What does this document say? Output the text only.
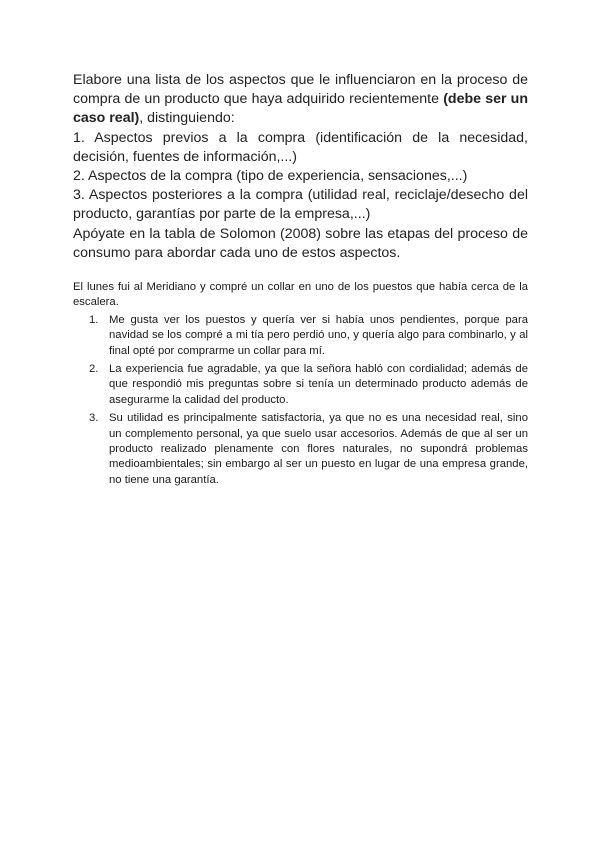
Elabore una lista de los aspectos que le influenciaron en la proceso de compra de un producto que haya adquirido recientemente (debe ser un caso real), distinguiendo:

1. Aspectos previos a la compra (identificación de la necesidad, decisión, fuentes de información,...)

2. Aspectos de la compra (tipo de experiencia, sensaciones,...)

3. Aspectos posteriores a la compra (utilidad real, reciclaje/desecho del producto, garantías por parte de la empresa,...)

Apóyate en la tabla de Solomon (2008) sobre las etapas del proceso de consumo para abordar cada uno de estos aspectos.

El lunes fui al Meridiano y compré un collar en uno de los puestos que había cerca de la escalera.

1. Me gusta ver los puestos y quería ver si había unos pendientes, porque para navidad se los compré a mi tía pero perdió uno, y quería algo para combinarlo, y al final opté por comprarme un collar para mí.
2. La experiencia fue agradable, ya que la señora habló con cordialidad; además de que respondió mis preguntas sobre si tenía un determinado producto además de asegurarme la calidad del producto.
3. Su utilidad es principalmente satisfactoria, ya que no es una necesidad real, sino un complemento personal, ya que suelo usar accesorios. Además de que al ser un producto realizado plenamente con flores naturales, no supondrá problemas medioambientales; sin embargo al ser un puesto en lugar de una empresa grande, no tiene una garantía.
